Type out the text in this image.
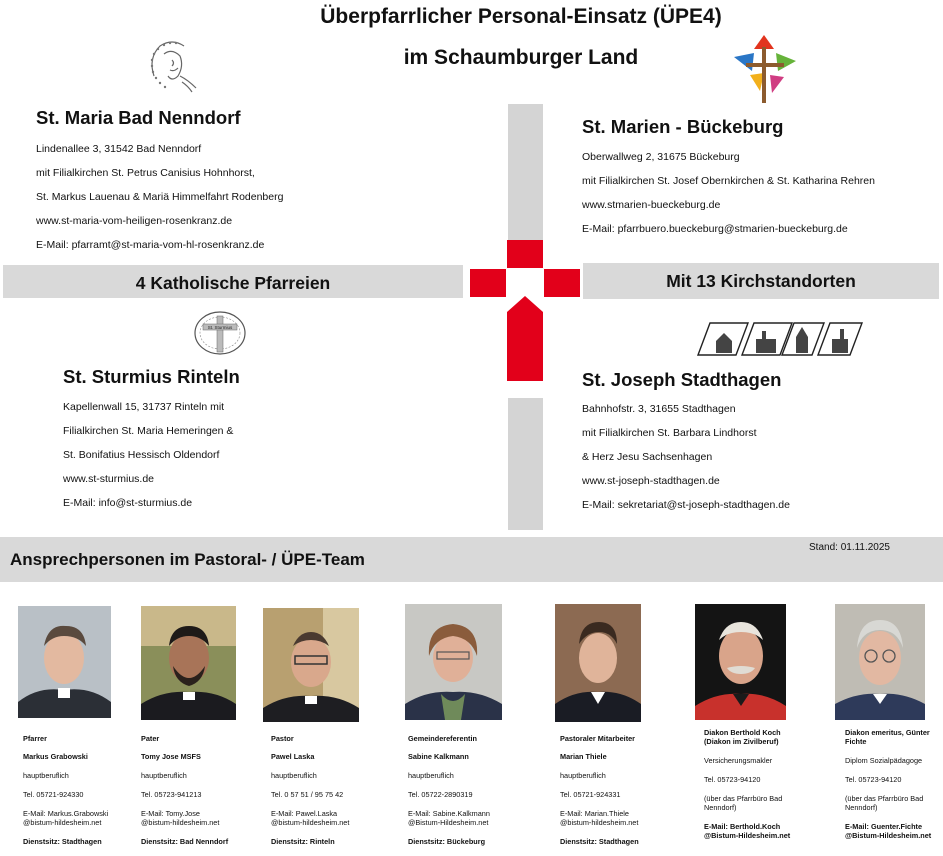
Überpfarrlicher Personal-Einsatz (ÜPE4)
im Schaumburger Land
St. Maria Bad Nenndorf
Lindenallee 3, 31542 Bad Nenndorf
mit Filialkirchen St. Petrus Canisius Hohnhorst,
St. Markus Lauenau & Mariä Himmelfahrt Rodenberg
www.st-maria-vom-heiligen-rosenkranz.de
E-Mail: pfarramt@st-maria-vom-hl-rosenkranz.de
St. Marien - Bückeburg
Oberwallweg 2, 31675 Bückeburg
mit Filialkirchen St. Josef Obernkirchen & St. Katharina Rehren
www.stmarien-bueckeburg.de
E-Mail: pfarrbuero.bueckeburg@stmarien-bueckeburg.de
4 Katholische Pfarreien	Mit 13 Kirchstandorten
St. Sturmius
St. Sturmius Rinteln
Kapellenwall 15, 31737 Rinteln mit
Filialkirchen St. Maria Hemeringen &
St. Bonifatius Hessisch Oldendorf
www.st-sturmius.de
E-Mail: info@st-sturmius.de
St. Joseph Stadthagen
Bahnhofstr. 3, 31655 Stadthagen
mit Filialkirchen St. Barbara Lindhorst
& Herz Jesu Sachsenhagen
www.st-joseph-stadthagen.de
E-Mail: sekretariat@st-joseph-stadthagen.de
Ansprechpersonen im Pastoral- / ÜPE-Team
Stand: 01.11.2025
Pfarrer
Markus Grabowski
hauptberuflich
Tel. 05721-924330
E-Mail: Markus.Grabowski
@bistum-hildesheim.net
Dienstsitz: Stadthagen
Pater
Tomy Jose MSFS
hauptberuflich
Tel. 05723-941213
E-Mail: Tomy.Jose
@bistum-hildesheim.net
Dienstsitz: Bad Nenndorf
Pastor
Pawel Laska
hauptberuflich
Tel. 0 57 51 / 95 75 42
E-Mail: Pawel.Laska
@bistum-hildesheim.net
Dienstsitz: Rinteln
Gemeindereferentin
Sabine Kalkmann
hauptberuflich
Tel. 05722-2890319
E-Mail: Sabine.Kalkmann
@Bistum-Hildesheim.net
Dienstsitz: Bückeburg
Pastoraler Mitarbeiter
Marian Thiele
hauptberuflich
Tel. 05721-924331
E-Mail: Marian.Thiele
@bistum-hildesheim.net
Dienstsitz: Stadthagen
Diakon Berthold Koch
(Diakon im Zivilberuf)
Versicherungsmakler
Tel. 05723-94120
(über das Pfarrbüro Bad
Nenndorf)
E-Mail: Berthold.Koch
@Bistum-Hildesheim.net
Diakon emeritus, Günter
Fichte
Diplom Sozialpädagoge
Tel. 05723-94120
(über das Pfarrbüro Bad
Nenndorf)
E-Mail: Guenter.Fichte
@Bistum-Hildesheim.net
